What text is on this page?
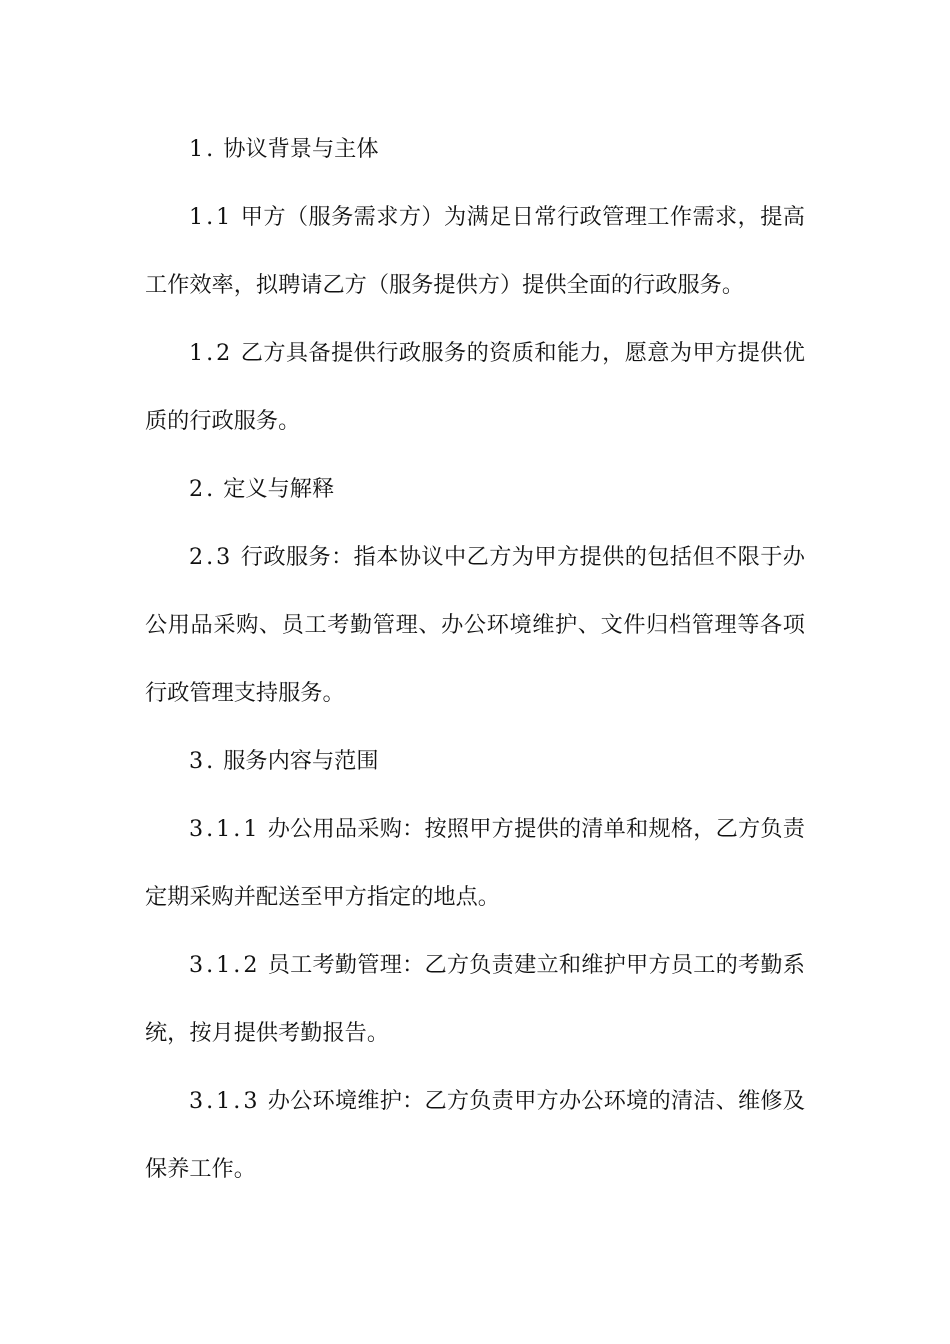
1. 协议背景与主体

1.1 甲方（服务需求方）为满足日常行政管理工作需求，提高工作效率，拟聘请乙方（服务提供方）提供全面的行政服务。

1.2 乙方具备提供行政服务的资质和能力，愿意为甲方提供优质的行政服务。

2. 定义与解释

2.3 行政服务：指本协议中乙方为甲方提供的包括但不限于办公用品采购、员工考勤管理、办公环境维护、文件归档管理等各项行政管理支持服务。

3. 服务内容与范围

3.1.1 办公用品采购：按照甲方提供的清单和规格，乙方负责定期采购并配送至甲方指定的地点。

3.1.2 员工考勤管理：乙方负责建立和维护甲方员工的考勤系统，按月提供考勤报告。

3.1.3 办公环境维护：乙方负责甲方办公环境的清洁、维修及保养工作。
